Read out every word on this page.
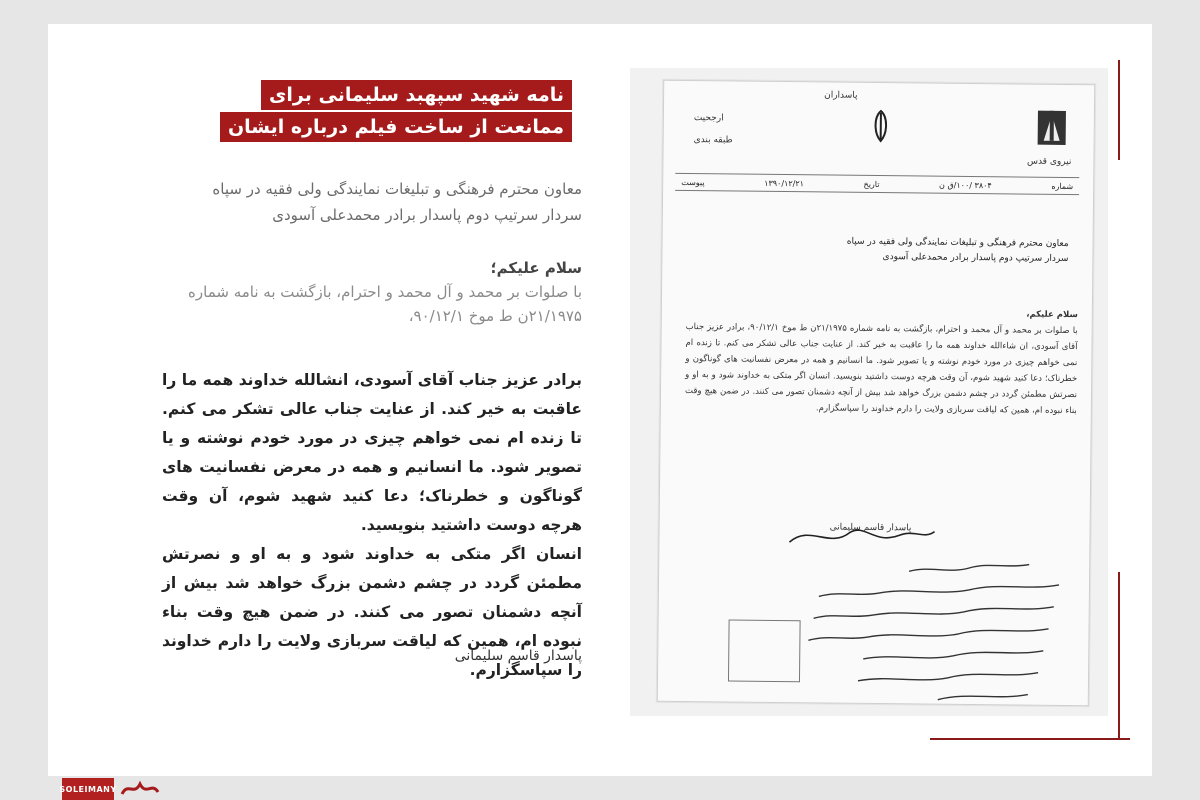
نامه شهید سپهبد سلیمانی برای
ممانعت از ساخت فیلم درباره ایشان
معاون محترم فرهنگی و تبلیغات نمایندگی ولی فقیه در سپاه
سردار سرتیپ دوم پاسدار برادر محمدعلی آسودی
سلام علیکم؛
با صلوات بر محمد و آل محمد و احترام، بازگشت به نامه شماره
۲۱/۱۹۷۵ن ط موخ ۹۰/۱۲/۱،
برادر عزیز جناب آقای آسودی، انشالله خداوند همه ما را عاقبت به خیر کند. از عنایت جناب عالی تشکر می کنم. تا زنده ام نمی خواهم چیزی در مورد خودم نوشته و یا تصویر شود. ما انسانیم و همه در معرض نفسانیت های گوناگون و خطرناک؛ دعا کنید شهید شوم، آن وقت هرچه دوست داشتید بنویسید.
انسان اگر متکی به خداوند شود و به او و نصرتش مطمئن گردد در چشم دشمن بزرگ خواهد شد بیش از آنچه دشمنان تصور می کنند. در ضمن هیچ وقت بناء نبوده ام، همین که لیاقت سربازی ولایت را دارم خداوند را سپاسگزارم.
پاسدار قاسم سلیمانی
پاسداران
نیروی قدس
ارجحیت
طبقه بندی
شماره
۳۸۰۴ /۱۰۰/ق ن
تاریخ
۱۳۹۰/۱۲/۲۱
پیوست
معاون محترم فرهنگی و تبلیغات نمایندگی ولی فقیه در سپاه
سردار سرتیپ دوم پاسدار برادر محمدعلی آسودی
سلام علیکم،
با صلوات بر محمد و آل محمد و احترام، بازگشت به نامه شماره ۲۱/۱۹۷۵ن ط موخ ۹۰/۱۲/۱، برادر عزیز جناب آقای آسودی، ان شاءالله خداوند همه ما را عاقبت به خیر کند. از عنایت جناب عالی تشکر می کنم. تا زنده ام نمی خواهم چیزی در مورد خودم نوشته و یا تصویر شود. ما انسانیم و همه در معرض نفسانیت های گوناگون و خطرناک؛ دعا کنید شهید شوم، آن وقت هرچه دوست داشتید بنویسید. انسان اگر متکی به خداوند شود و به او و نصرتش مطمئن گردد در چشم دشمن بزرگ خواهد شد بیش از آنچه دشمنان تصور می کنند. در ضمن هیچ وقت بناء نبوده ام، همین که لیاقت سربازی ولایت را دارم خداوند را سپاسگزارم.
پاسدار قاسم سلیمانی
SOLEIMANY
